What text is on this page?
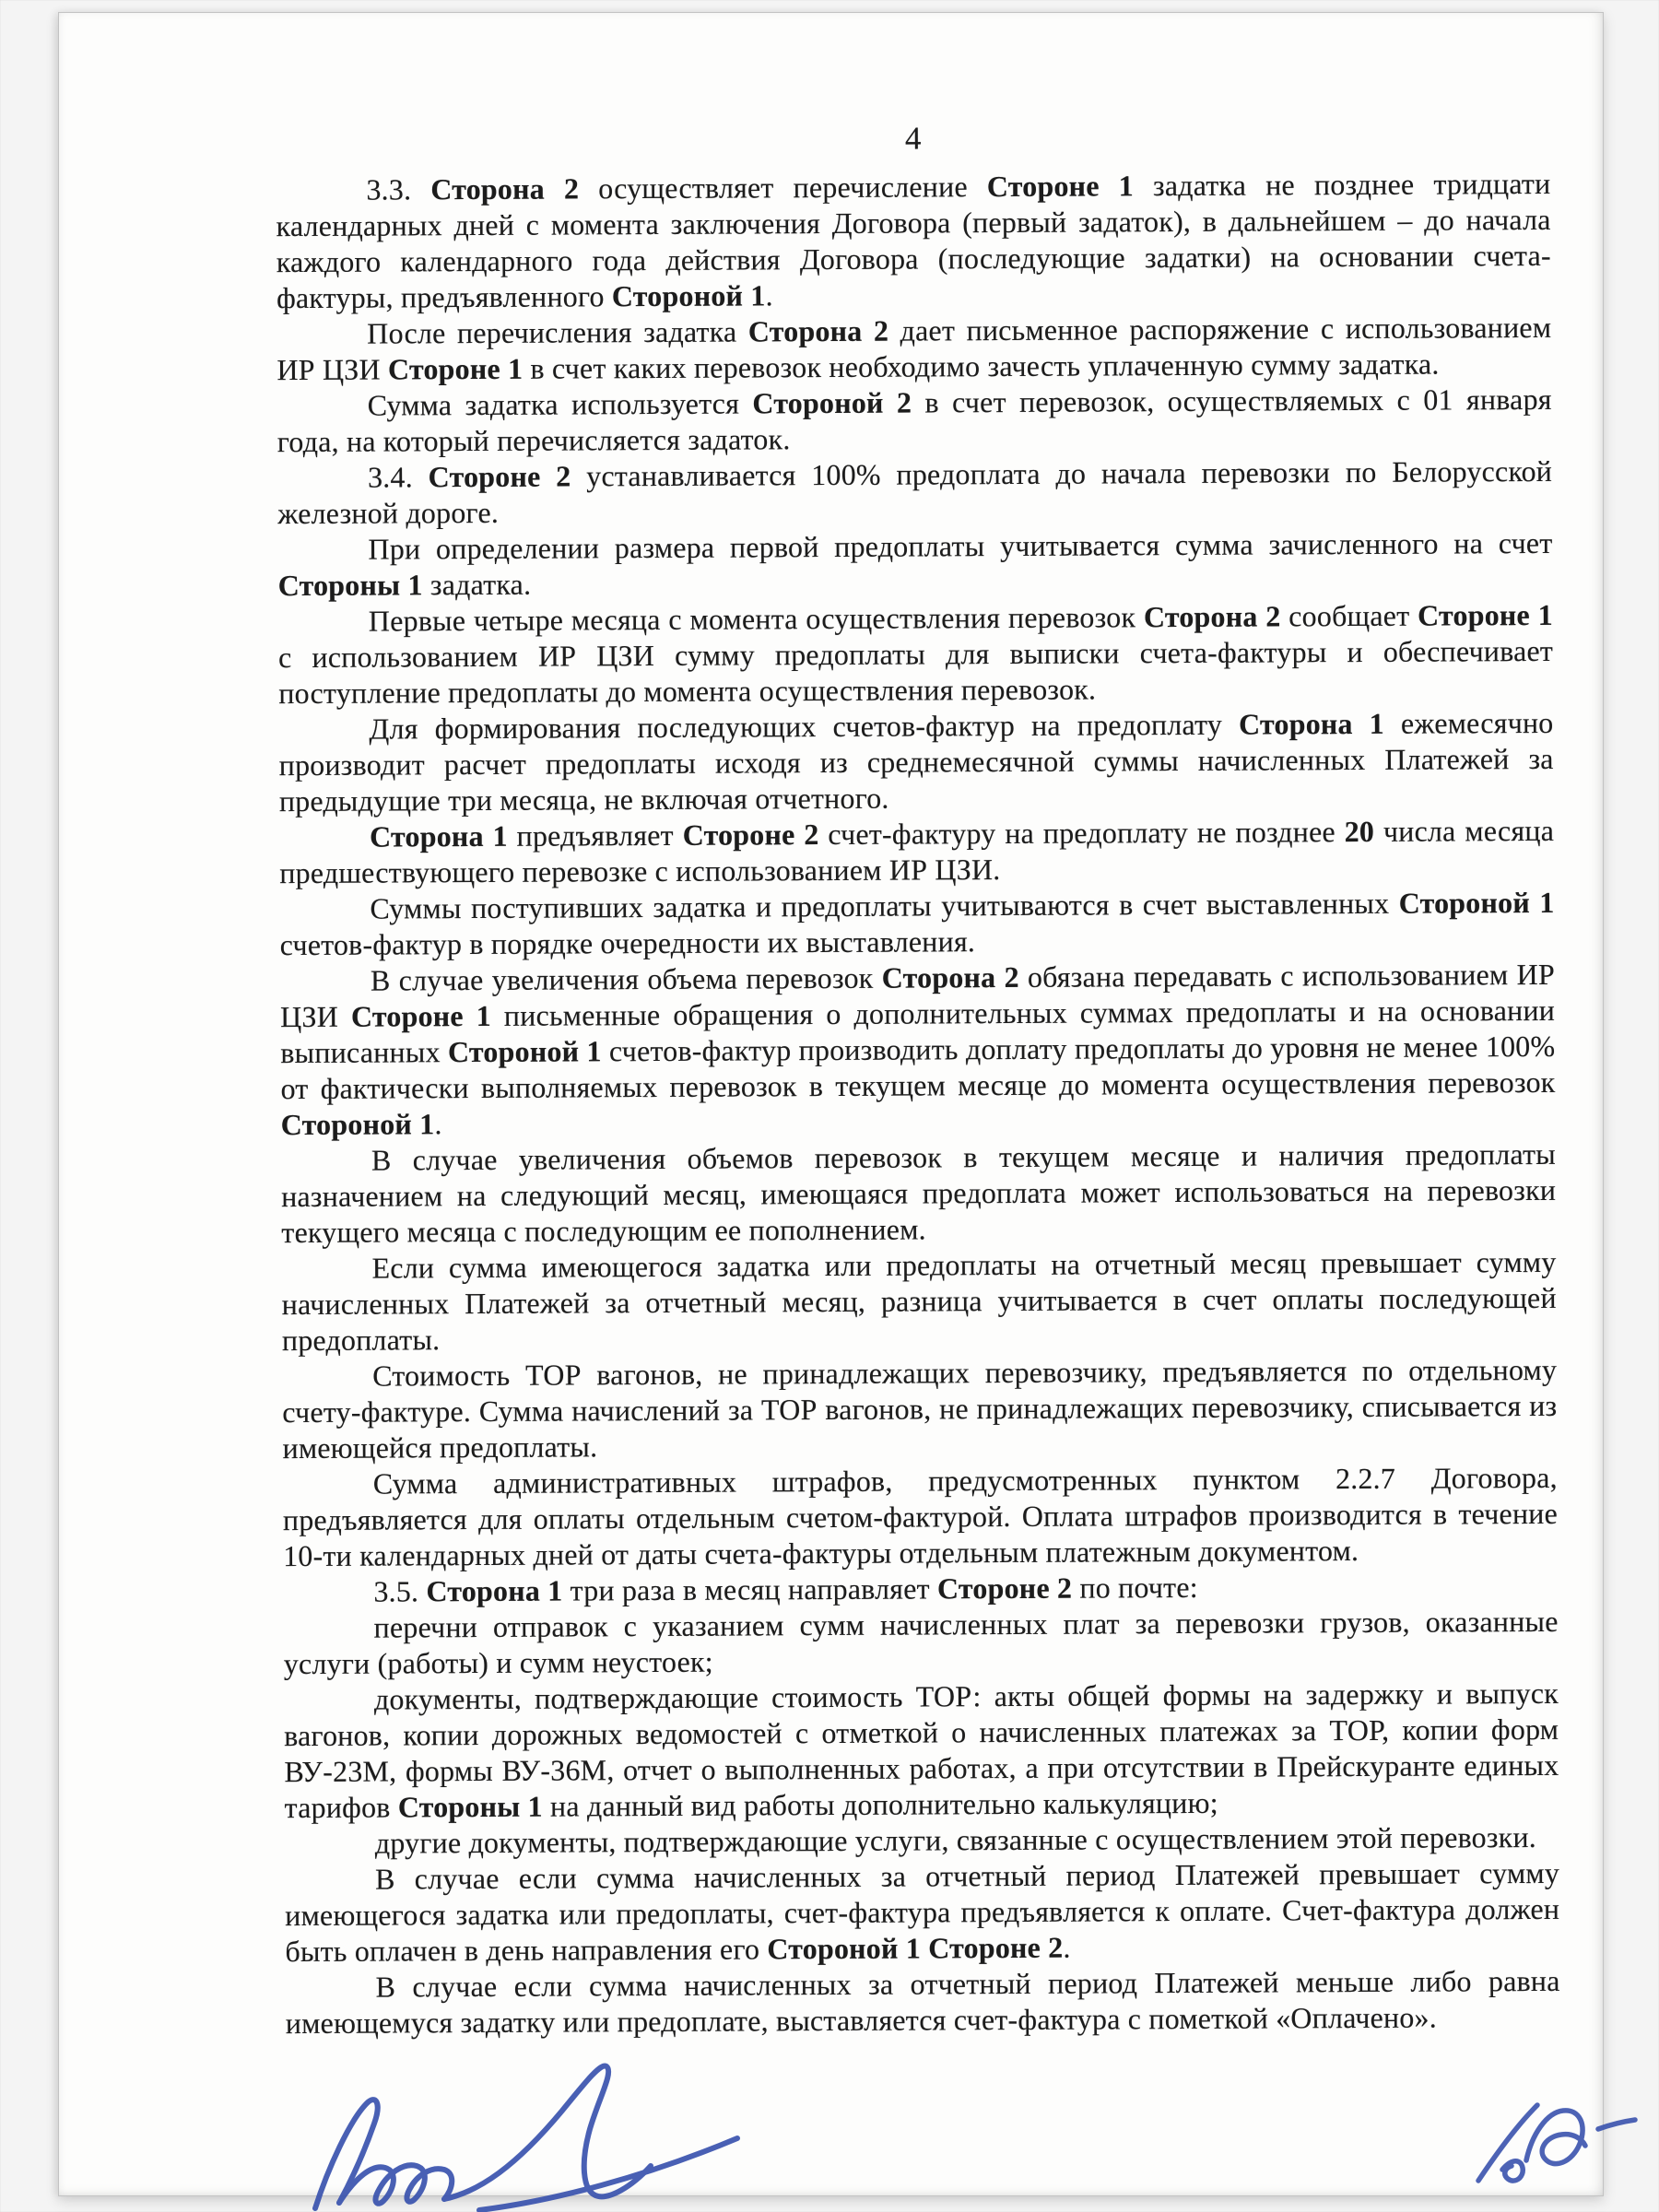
4

3.3. Сторона 2 осуществляет перечисление Стороне 1 задатка не позднее тридцати календарных дней с момента заключения Договора (первый задаток), в дальнейшем – до начала каждого календарного года действия Договора (последующие задатки) на основании счета-фактуры, предъявленного Стороной 1.

После перечисления задатка Сторона 2 дает письменное распоряжение с использованием ИР ЦЗИ Стороне 1 в счет каких перевозок необходимо зачесть уплаченную сумму задатка.

Сумма задатка используется Стороной 2 в счет перевозок, осуществляемых с 01 января года, на который перечисляется задаток.

3.4. Стороне 2 устанавливается 100% предоплата до начала перевозки по Белорусской железной дороге.

При определении размера первой предоплаты учитывается сумма зачисленного на счет Стороны 1 задатка.

Первые четыре месяца с момента осуществления перевозок Сторона 2 сообщает Стороне 1 с использованием ИР ЦЗИ сумму предоплаты для выписки счета-фактуры и обеспечивает поступление предоплаты до момента осуществления перевозок.

Для формирования последующих счетов-фактур на предоплату Сторона 1 ежемесячно производит расчет предоплаты исходя из среднемесячной суммы начисленных Платежей за предыдущие три месяца, не включая отчетного.

Сторона 1 предъявляет Стороне 2 счет-фактуру на предоплату не позднее 20 числа месяца предшествующего перевозке с использованием ИР ЦЗИ.

Суммы поступивших задатка и предоплаты учитываются в счет выставленных Стороной 1 счетов-фактур в порядке очередности их выставления.

В случае увеличения объема перевозок Сторона 2 обязана передавать с использованием ИР ЦЗИ Стороне 1 письменные обращения о дополнительных суммах предоплаты и на основании выписанных Стороной 1 счетов-фактур производить доплату предоплаты до уровня не менее 100% от фактически выполняемых перевозок в текущем месяце до момента осуществления перевозок Стороной 1.

В случае увеличения объемов перевозок в текущем месяце и наличия предоплаты назначением на следующий месяц, имеющаяся предоплата может использоваться на перевозки текущего месяца с последующим ее пополнением.

Если сумма имеющегося задатка или предоплаты на отчетный месяц превышает сумму начисленных Платежей за отчетный месяц, разница учитывается в счет оплаты последующей предоплаты.

Стоимость ТОР вагонов, не принадлежащих перевозчику, предъявляется по отдельному счету-фактуре. Сумма начислений за ТОР вагонов, не принадлежащих перевозчику, списывается из имеющейся предоплаты.

Сумма административных штрафов, предусмотренных пунктом 2.2.7 Договора, предъявляется для оплаты отдельным счетом-фактурой. Оплата штрафов производится в течение 10-ти календарных дней от даты счета-фактуры отдельным платежным документом.

3.5. Сторона 1 три раза в месяц направляет Стороне 2 по почте:

перечни отправок с указанием сумм начисленных плат за перевозки грузов, оказанные услуги (работы) и сумм неустоек;

документы, подтверждающие стоимость ТОР: акты общей формы на задержку и выпуск вагонов, копии дорожных ведомостей с отметкой о начисленных платежах за ТОР, копии форм ВУ-23М, формы ВУ-36М, отчет о выполненных работах, а при отсутствии в Прейскуранте единых тарифов Стороны 1 на данный вид работы дополнительно калькуляцию;

другие документы, подтверждающие услуги, связанные с осуществлением этой перевозки.

В случае если сумма начисленных за отчетный период Платежей превышает сумму имеющегося задатка или предоплаты, счет-фактура предъявляется к оплате. Счет-фактура должен быть оплачен в день направления его Стороной 1 Стороне 2.

В случае если сумма начисленных за отчетный период Платежей меньше либо равна имеющемуся задатку или предоплате, выставляется счет-фактура с пометкой «Оплачено».
